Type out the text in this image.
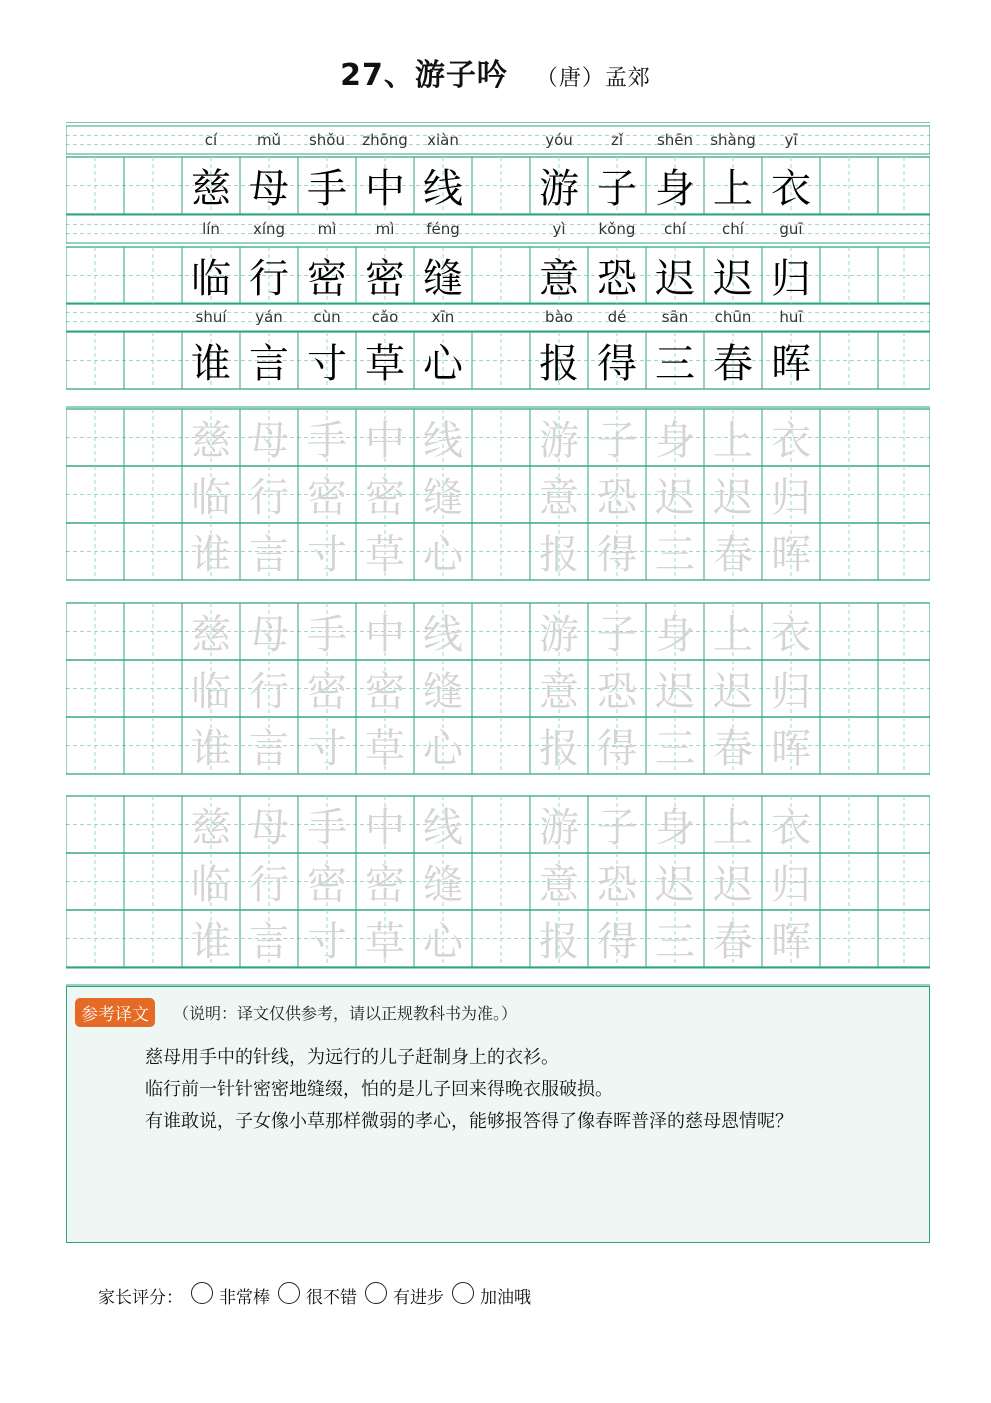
27、游子吟 （唐）孟郊
cí	mǔ	shǒu	zhōng	xiàn	yóu	zǐ	shēn	shàng	yī
慈 母 手 中 线 游 子 身 上 衣
lín	xíng	mì	mì	féng	yì	kǒng	chí	chí	guī
临 行 密 密 缝 意 恐 迟 迟 归
shuí	yán	cùn	cǎo	xīn	bào	dé	sān	chūn	huī
谁 言 寸 草 心 报 得 三 春 晖
慈 母 手 中 线 游 子 身 上 衣
临 行 密 密 缝 意 恐 迟 迟 归
谁 言 寸 草 心 报 得 三 春 晖
慈 母 手 中 线 游 子 身 上 衣
临 行 密 密 缝 意 恐 迟 迟 归
谁 言 寸 草 心 报 得 三 春 晖
慈 母 手 中 线 游 子 身 上 衣
临 行 密 密 缝 意 恐 迟 迟 归
谁 言 寸 草 心 报 得 三 春 晖
参考译文	（说明：译文仅供参考，请以正规教科书为准。）
慈母用手中的针线，为远行的儿子赶制身上的衣衫。
临行前一针针密密地缝缀，怕的是儿子回来得晚衣服破损。
有谁敢说，子女像小草那样微弱的孝心，能够报答得了像春晖普泽的慈母恩情呢？
家长评分： 非常棒 很不错 有进步 加油哦
